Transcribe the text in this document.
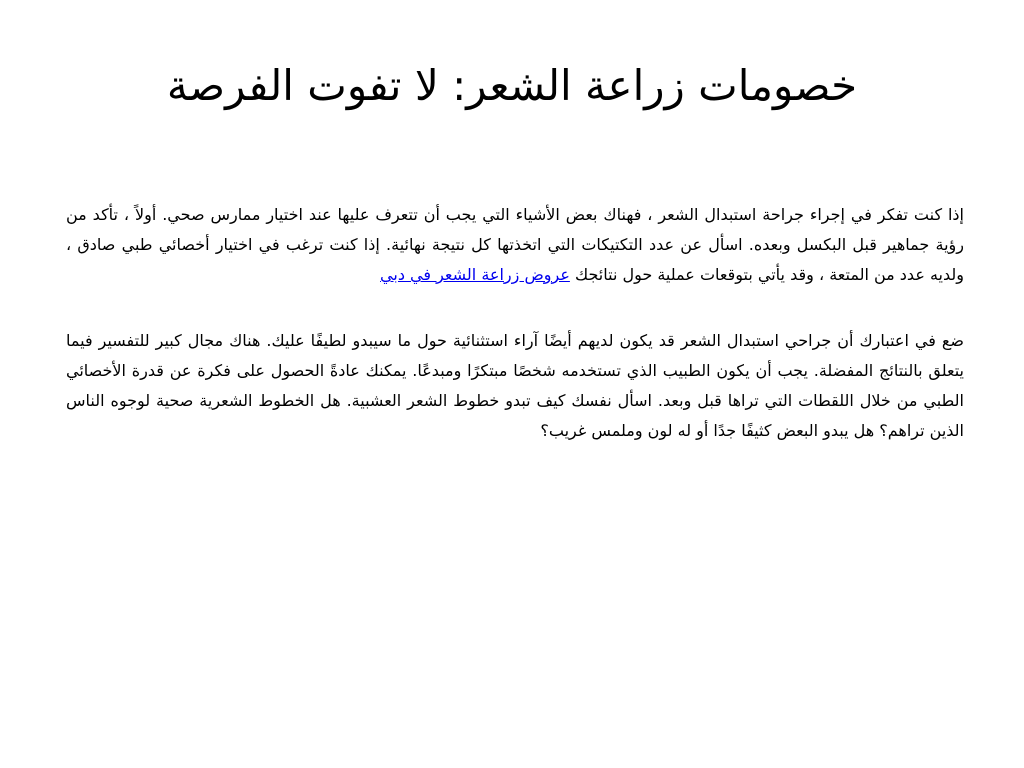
خصومات زراعة الشعر: لا تفوت الفرصة

إذا كنت تفكر في إجراء جراحة استبدال الشعر ، فهناك بعض الأشياء التي يجب أن تتعرف عليها عند اختيار ممارس صحي. أولاً ، تأكد من رؤية جماهير قبل البكسل وبعده. اسأل عن عدد التكتيكات التي اتخذتها كل نتيجة نهائية. إذا كنت ترغب في اختيار أخصائي طبي صادق ، ولديه عدد من المتعة ، وقد يأتي بتوقعات عملية حول نتائجك عروض زراعة الشعر في دبي

ضع في اعتبارك أن جراحي استبدال الشعر قد يكون لديهم أيضًا آراء استثنائية حول ما سيبدو لطيفًا عليك. هناك مجال كبير للتفسير فيما يتعلق بالنتائج المفضلة. يجب أن يكون الطبيب الذي تستخدمه شخصًا مبتكرًا ومبدعًا. يمكنك عادةً الحصول على فكرة عن قدرة الأخصائي الطبي من خلال اللقطات التي تراها قبل وبعد. اسأل نفسك كيف تبدو خطوط الشعر العشبية. هل الخطوط الشعرية صحية لوجوه الناس الذين تراهم؟ هل يبدو البعض كثيفًا جدًا أو له لون وملمس غريب؟
